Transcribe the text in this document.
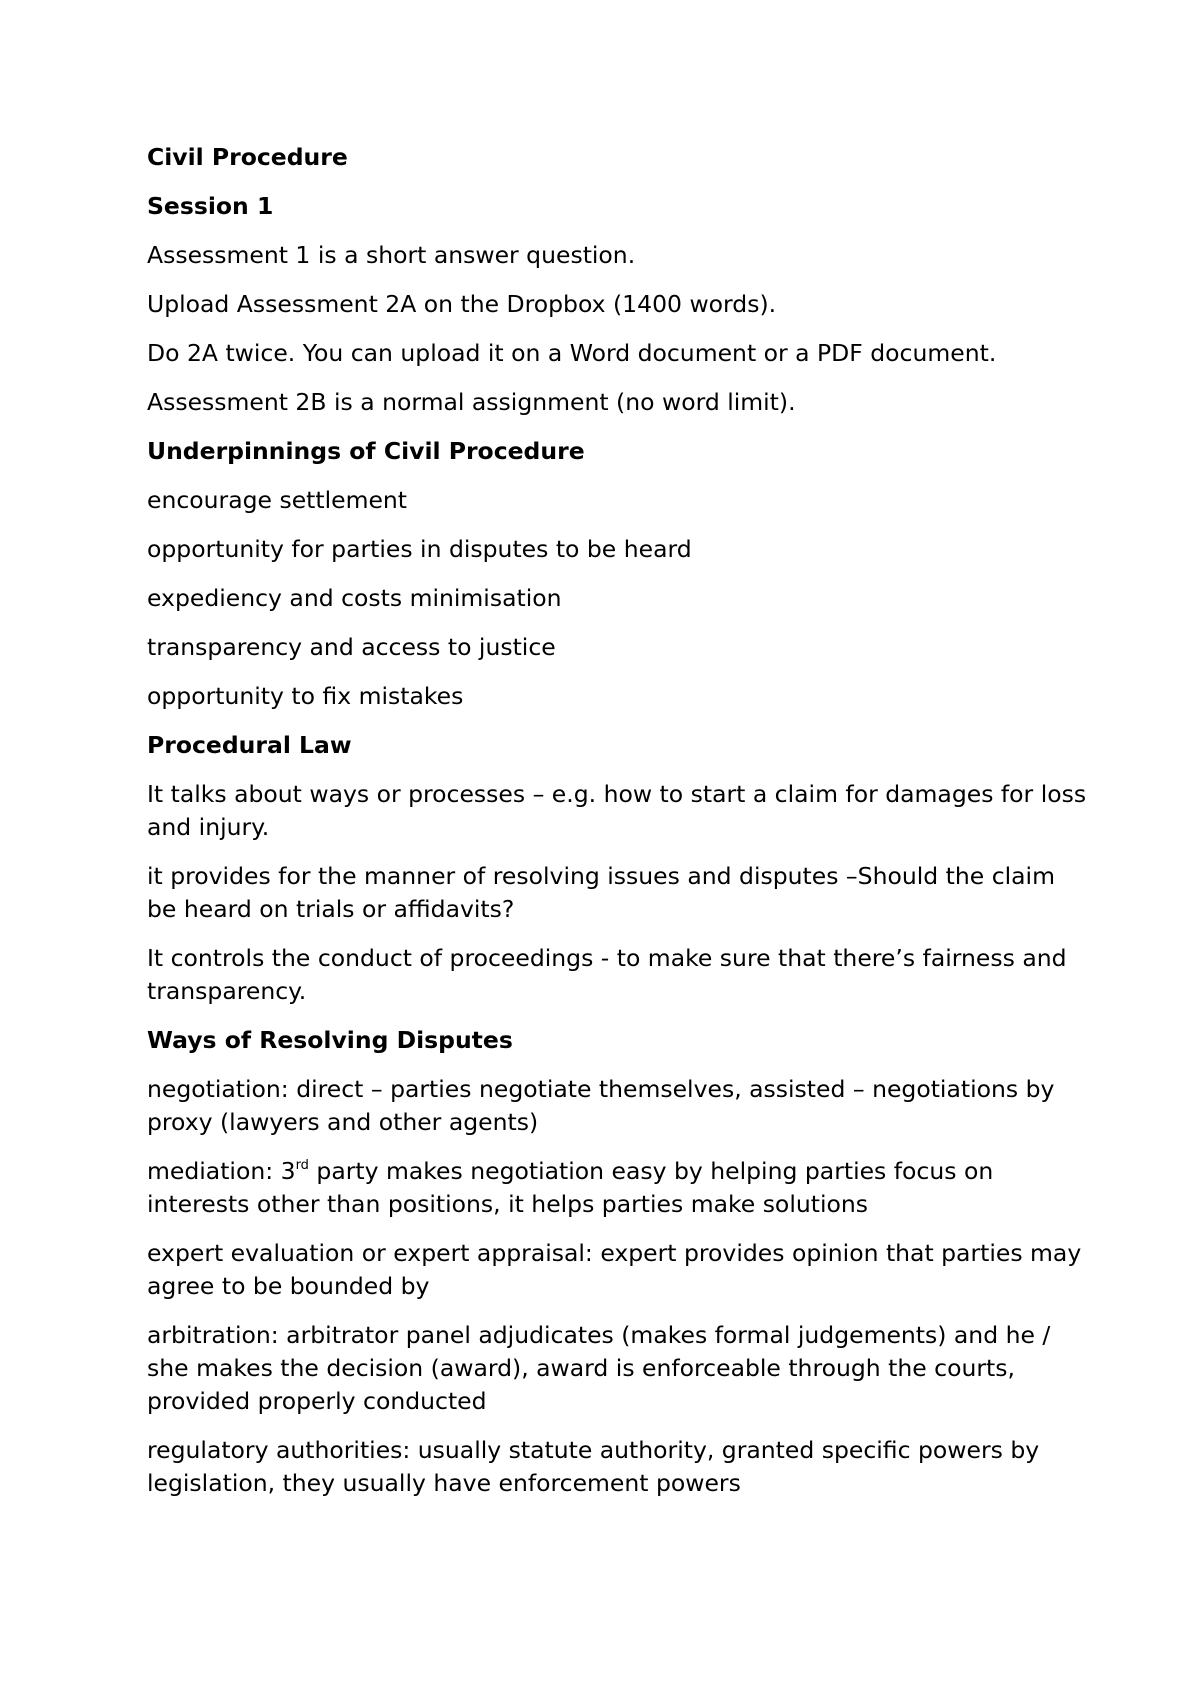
Civil Procedure

Session 1

Assessment 1 is a short answer question.

Upload Assessment 2A on the Dropbox (1400 words).

Do 2A twice. You can upload it on a Word document or a PDF document.

Assessment 2B is a normal assignment (no word limit).

Underpinnings of Civil Procedure

encourage settlement

opportunity for parties in disputes to be heard

expediency and costs minimisation

transparency and access to justice

opportunity to fix mistakes

Procedural Law

It talks about ways or processes – e.g. how to start a claim for damages for loss and injury.

it provides for the manner of resolving issues and disputes –Should the claim be heard on trials or affidavits?

It controls the conduct of proceedings - to make sure that there’s fairness and transparency.

Ways of Resolving Disputes

negotiation: direct – parties negotiate themselves, assisted – negotiations by proxy (lawyers and other agents)

mediation: 3rd party makes negotiation easy by helping parties focus on interests other than positions, it helps parties make solutions

expert evaluation or expert appraisal: expert provides opinion that parties may agree to be bounded by

arbitration: arbitrator panel adjudicates (makes formal judgements) and he / she makes the decision (award), award is enforceable through the courts, provided properly conducted

regulatory authorities: usually statute authority, granted specific powers by legislation, they usually have enforcement powers
